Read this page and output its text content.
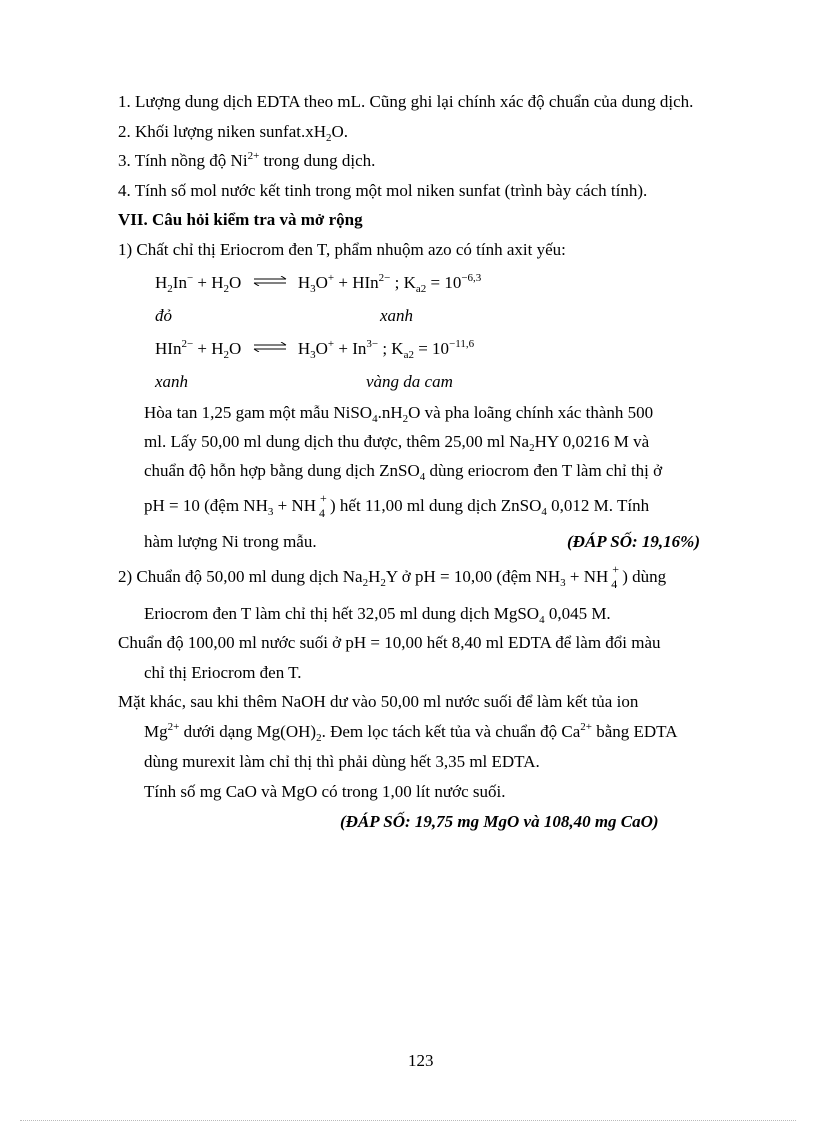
1. Lượng dung dịch EDTA theo mL. Cũng ghi lại chính xác độ chuẩn của dung dịch.
2. Khối lượng niken $sunfat.xH_2O$.
3. Tính nồng độ $Ni^{2+}$ trong dung dịch.
4. Tính số mol nước kết tinh trong một mol niken sunfat (trình bày cách tính).
VII. Câu hỏi kiểm tra và mở rộng
1) Chất chỉ thị Eriocrom đen T, phẩm nhuộm azo có tính axit yếu:
$H_2In^- + H_2O$ ⇌ $H_3O^+ + HIn^{2-}$ ; $K_{a2} = 10^{-6,3}$
đỏ	xanh
$HIn^{2-} + H_2O$ ⇌ $H_3O^+ + In^{3-}$ ; $K_{a2} = 10^{-11,6}$
xanh	vàng da cam
Hòa tan 1,25 gam một mẫu $NiSO_4.nH_2O$ và pha loãng chính xác thành 500
ml. Lấy 50,00 ml dung dịch thu được, thêm 25,00 ml $Na_2HY$ 0,0216 M và
chuẩn độ hỗn hợp bằng dung dịch ZnSO$_4$ dùng eriocrom đen T làm chỉ thị ở
pH = 10 (đệm $NH_3$ + NH +
4 ) hết 11,00 ml dung dịch ZnSO$_4$ 0,012 M. Tính
hàm lượng Ni trong mẫu.	(ĐÁP SỐ: 19,16%)
2) Chuẩn độ 50,00 ml dung dịch $Na_2H_2Y$ ở pH = 10,00 (đệm $NH_3$ + NH +
4 ) dùng
Eriocrom đen T làm chỉ thị hết 32,05 ml dung dịch MgSO$_4$ 0,045 M.
Chuẩn độ 100,00 ml nước suối ở pH = 10,00 hết 8,40 ml EDTA để làm đổi màu
chỉ thị Eriocrom đen T.
Mặt khác, sau khi thêm NaOH dư vào 50,00 ml nước suối để làm kết tủa ion
$Mg^{2+}$ dưới dạng $Mg(OH)_2$. Đem lọc tách kết tủa và chuẩn độ $Ca^{2+}$ bằng EDTA
dùng murexit làm chỉ thị thì phải dùng hết 3,35 ml EDTA.
Tính số mg CaO và MgO có trong 1,00 lít nước suối.
(ĐÁP SỐ: 19,75 mg MgO và 108,40 mg CaO)
123
